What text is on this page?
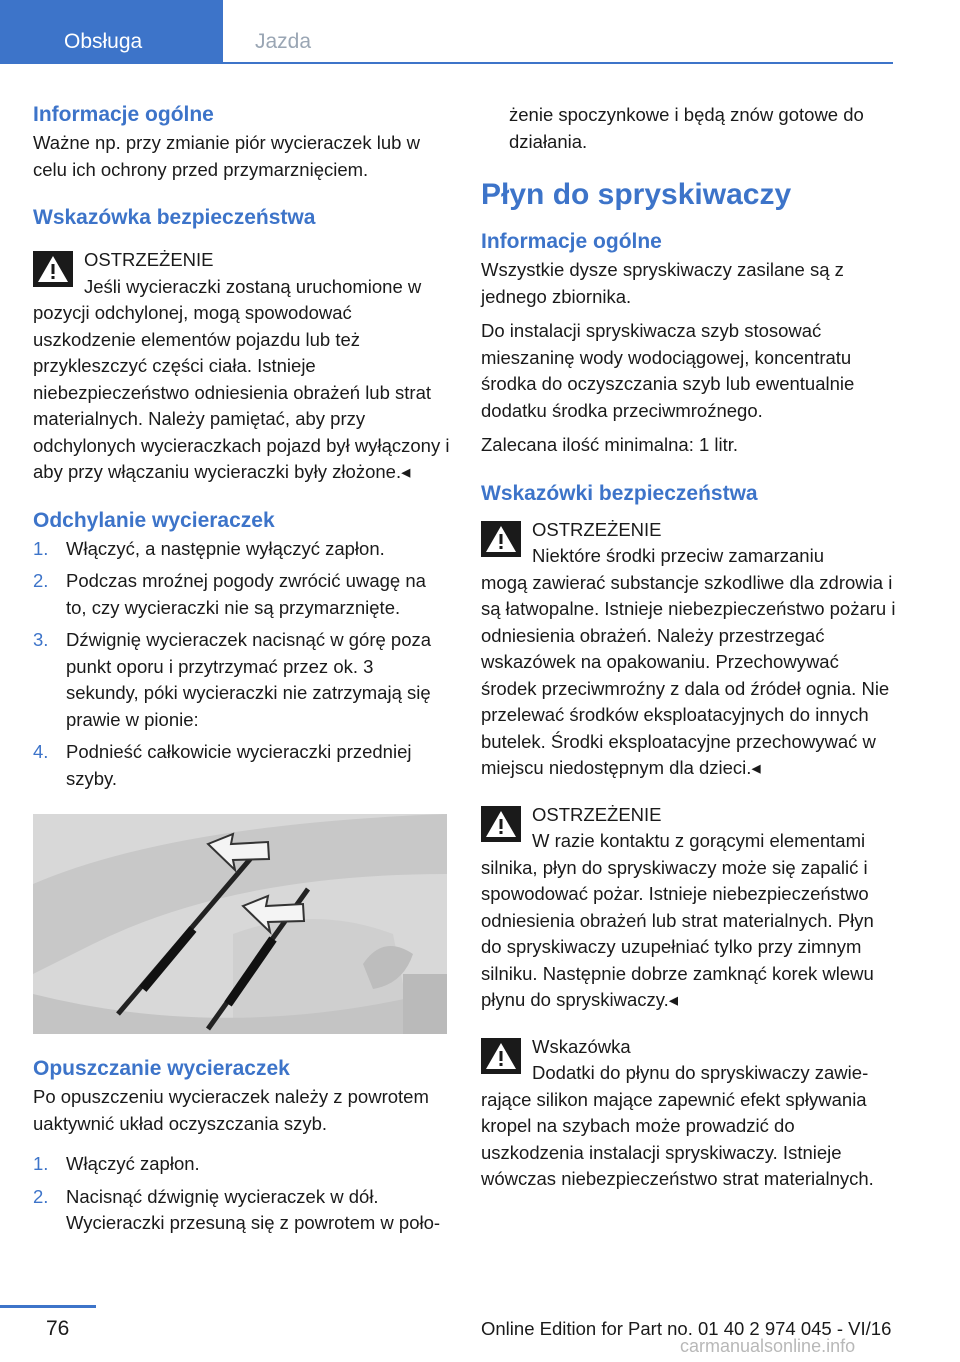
Obsługa	Jazda
Informacje ogólne

Ważne np. przy zmianie piór wycieraczek lub w celu ich ochrony przed przymarznięciem.

Wskazówka bezpieczeństwa
OSTRZEŻENIE

Jeśli wycieraczki zostaną uruchomione w

pozycji odchylonej, mogą spowodować uszkodzenie elementów pojazdu lub też przykleszczyć części ciała. Istnieje niebezpieczeństwo odniesienia obrażeń lub strat materialnych. Należy pamiętać, aby przy odchylonych wycieraczkach pojazd był wyłączony i aby przy włączaniu wycieraczki były złożone.◂

Odchylanie wycieraczek
1. Włączyć, a następnie wyłączyć zapłon.
2. Podczas mroźnej pogody zwrócić uwagę na to, czy wycieraczki nie są przymarznięte.
3. Dźwignię wycieraczek nacisnąć w górę poza punkt oporu i przytrzymać przez ok. 3 sekundy, póki wycieraczki nie zatrzymają się prawie w pionie:
4. Podnieść całkowicie wycieraczki przedniej szyby.
Opuszczanie wycieraczek

Po opuszczeniu wycieraczek należy z powrotem uaktywnić układ oczyszczania szyb.

1. Włączyć zapłon.
2. Nacisnąć dźwignię wycieraczek w dół. Wycieraczki przesuną się z powrotem w poło-

żenie spoczynkowe i będą znów gotowe do działania.

Płyn do spryskiwaczy
Informacje ogólne

Wszystkie dysze spryskiwaczy zasilane są z jednego zbiornika.

Do instalacji spryskiwacza szyb stosować mieszaninę wody wodociągowej, koncentratu środka do oczyszczania szyb lub ewentualnie dodatku środka przeciwmroźnego.

Zalecana ilość minimalna: 1 litr.

Wskazówki bezpieczeństwa
OSTRZEŻENIE

Niektóre środki przeciw zamarzaniu

mogą zawierać substancje szkodliwe dla zdrowia i są łatwopalne. Istnieje niebezpieczeństwo pożaru i odniesienia obrażeń. Należy przestrzegać wskazówek na opakowaniu. Przechowywać środek przeciwmroźny z dala od źródeł ognia. Nie przelewać środków eksploatacyjnych do innych butelek. Środki eksploatacyjne przechowywać w miejscu niedostępnym dla dzieci.◂

OSTRZEŻENIE

W razie kontaktu z gorącymi elementami

silnika, płyn do spryskiwaczy może się zapalić i spowodować pożar. Istnieje niebezpieczeństwo odniesienia obrażeń lub strat materialnych. Płyn do spryskiwaczy uzupełniać tylko przy zimnym silniku. Następnie dobrze zamknąć korek wlewu płynu do spryskiwaczy.◂

Wskazówka

Dodatki do płynu do spryskiwaczy zawie-

rające silikon mające zapewnić efekt spływania kropel na szybach może prowadzić do uszkodzenia instalacji spryskiwaczy. Istnieje wówczas niebezpieczeństwo strat materialnych.

76	Online Edition for Part no. 01 40 2 974 045 - VI/16
carmanualsonline.info
